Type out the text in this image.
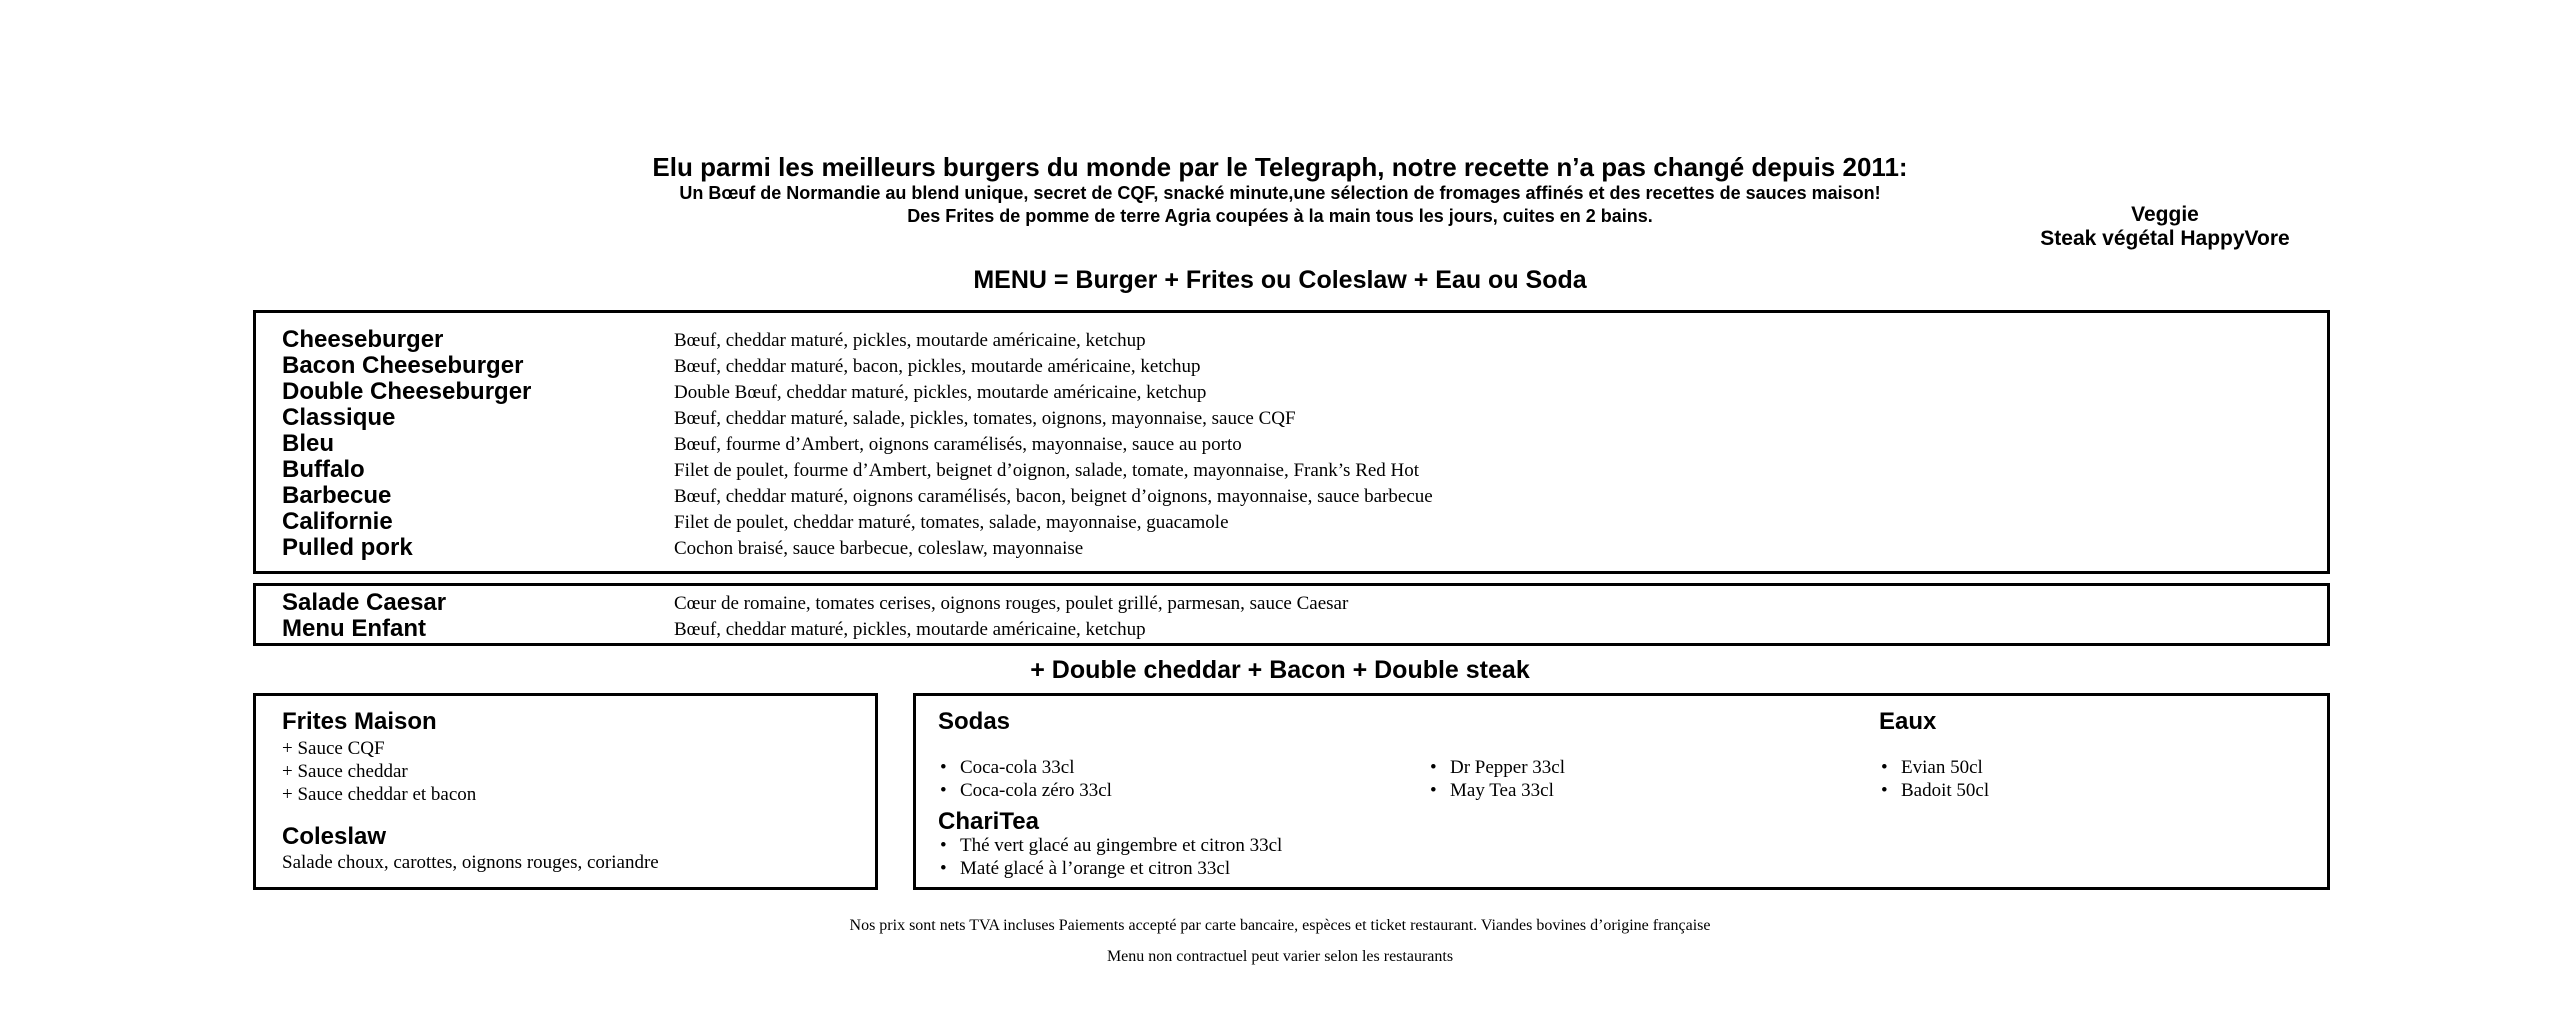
Elu parmi les meilleurs burgers du monde par le Telegraph, notre recette n’a pas changé depuis 2011:
Un Bœuf de Normandie au blend unique, secret de CQF, snacké minute,une sélection de fromages affinés et des recettes de sauces maison!
Des Frites de pomme de terre Agria coupées à la main tous les jours, cuites en 2 bains.	Veggie
Steak végétal HappyVore
MENU = Burger + Frites ou Coleslaw + Eau ou Soda
Cheeseburger	Bœuf, cheddar maturé, pickles, moutarde américaine, ketchup
Bacon Cheeseburger	Bœuf, cheddar maturé, bacon, pickles, moutarde américaine, ketchup
Double Cheeseburger	Double Bœuf, cheddar maturé, pickles, moutarde américaine, ketchup
Classique	Bœuf, cheddar maturé, salade, pickles, tomates, oignons, mayonnaise, sauce CQF
Bleu	Bœuf, fourme d’Ambert, oignons caramélisés, mayonnaise, sauce au porto
Buffalo	Filet de poulet, fourme d’Ambert, beignet d’oignon, salade, tomate, mayonnaise, Frank’s Red Hot
Barbecue	Bœuf, cheddar maturé, oignons caramélisés, bacon, beignet d’oignons, mayonnaise, sauce barbecue
Californie	Filet de poulet, cheddar maturé, tomates, salade, mayonnaise, guacamole
Pulled pork	Cochon braisé, sauce barbecue, coleslaw, mayonnaise
Salade Caesar	Cœur de romaine, tomates cerises, oignons rouges, poulet grillé, parmesan, sauce Caesar
Menu Enfant	Bœuf, cheddar maturé, pickles, moutarde américaine, ketchup
+ Double cheddar + Bacon + Double steak
Frites Maison
+ Sauce CQF
+ Sauce cheddar
+ Sauce cheddar et bacon
Coleslaw
Salade choux, carottes, oignons rouges, coriandre
Sodas
• Coca-cola 33cl
• Coca-cola zéro 33cl
• Dr Pepper 33cl
• May Tea 33cl
Eaux
• Evian 50cl
• Badoit 50cl
ChariTea
• Thé vert glacé au gingembre et citron 33cl
• Maté glacé à l’orange et citron 33cl
Nos prix sont nets TVA incluses Paiements accepté par carte bancaire, espèces et ticket restaurant. Viandes bovines d’origine française
Menu non contractuel peut varier selon les restaurants
